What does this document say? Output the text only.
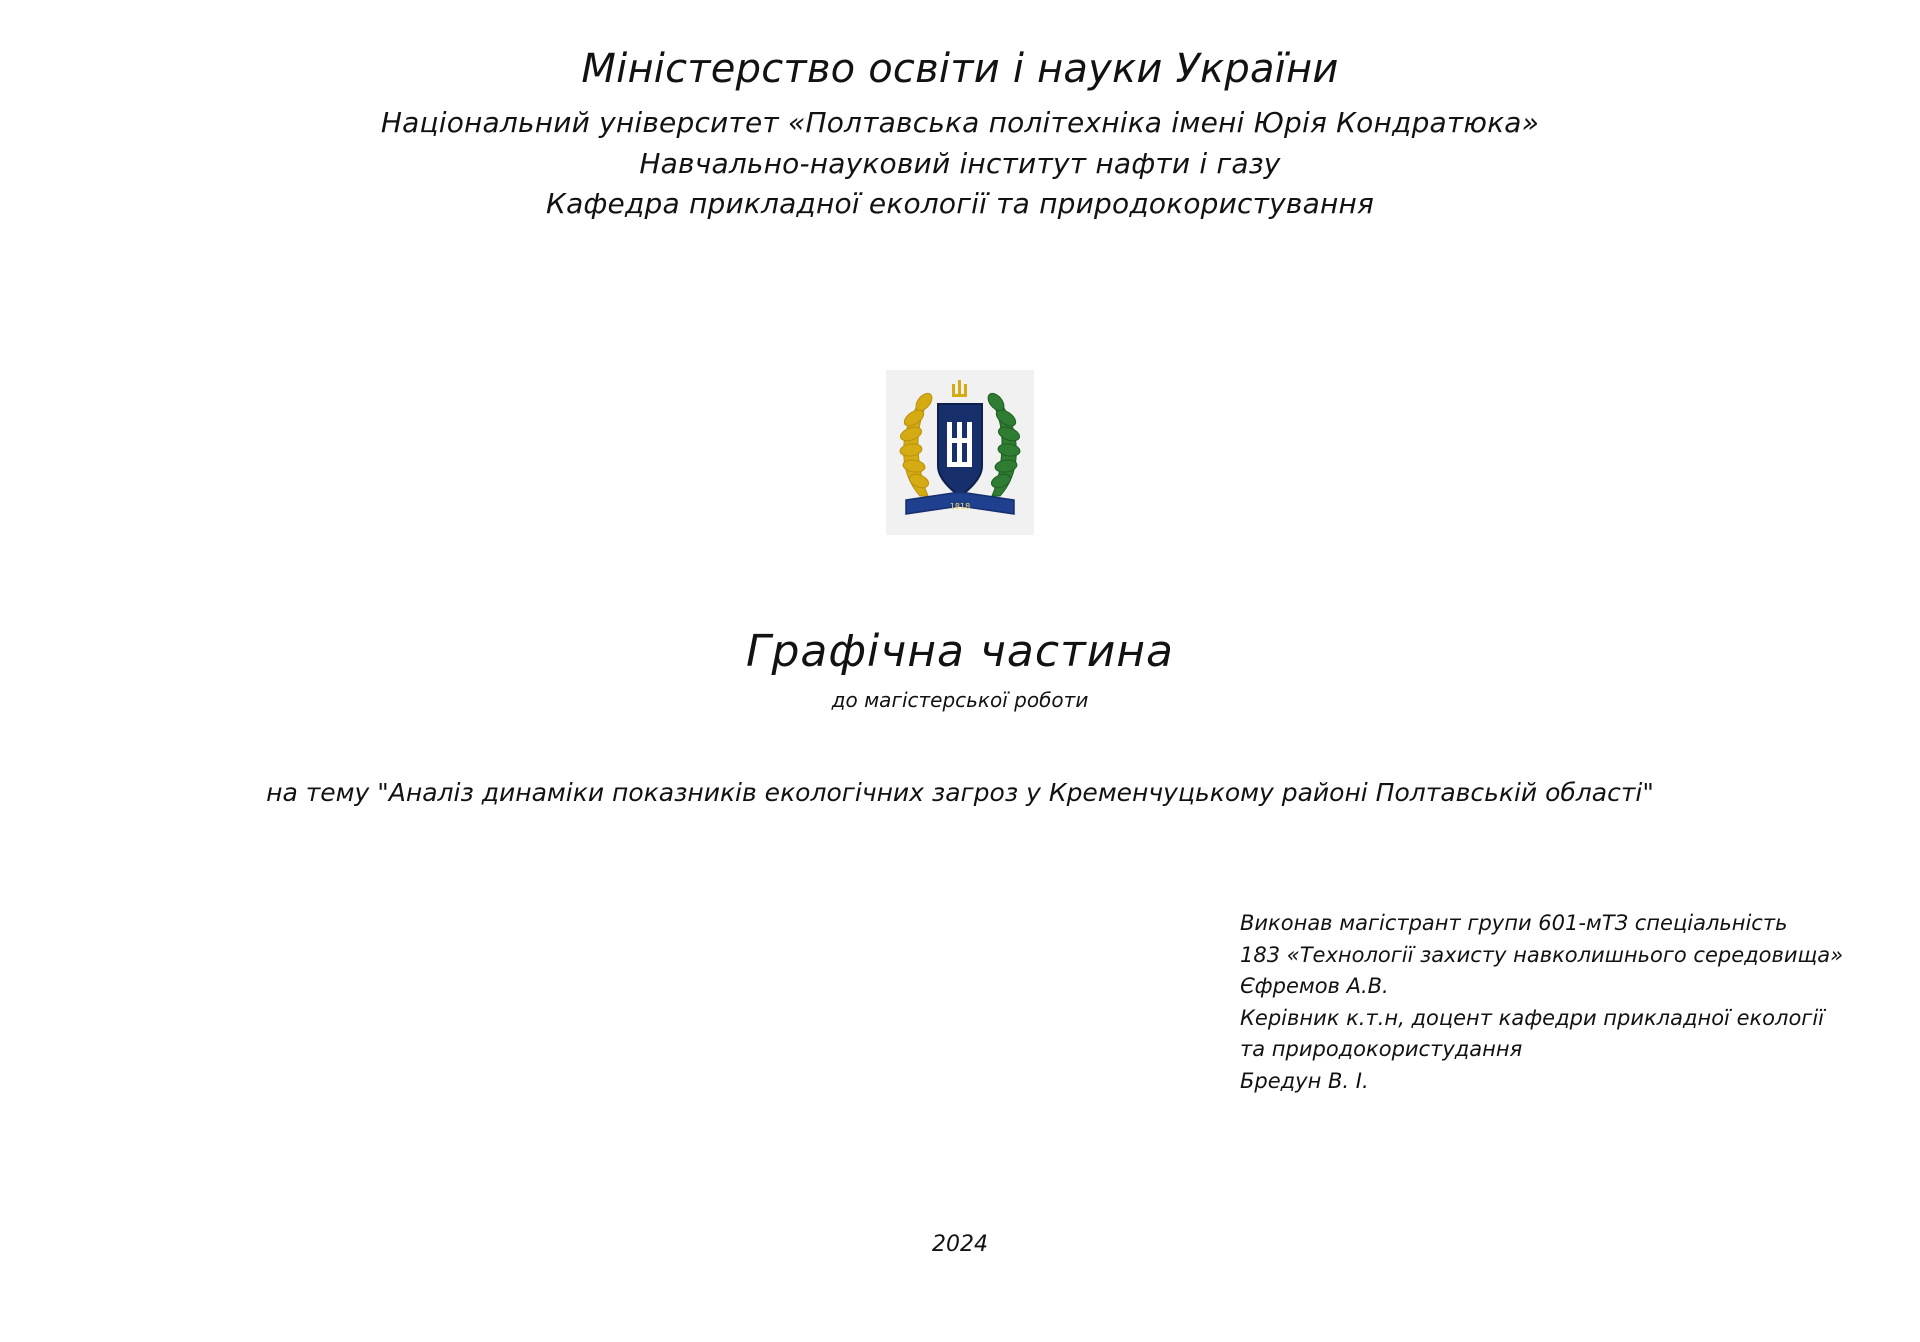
Міністерство освіти і науки України
Національний університет «Полтавська політехніка імені Юрія Кондратюка»
Навчально-науковий інститут нафти і газу
Кафедра прикладної екології та природокористування
1818
Графічна частина
до магістерської роботи
на тему "Аналіз динаміки показників екологічних загроз у Кременчуцькому районі Полтавській області"
Виконав магістрант групи 601-мТЗ спеціальність
183 «Технології захисту навколишнього середовища»
Єфремов А.В.
Керівник к.т.н, доцент кафедри прикладної екології
та природокористудання
Бредун В. І.
2024
